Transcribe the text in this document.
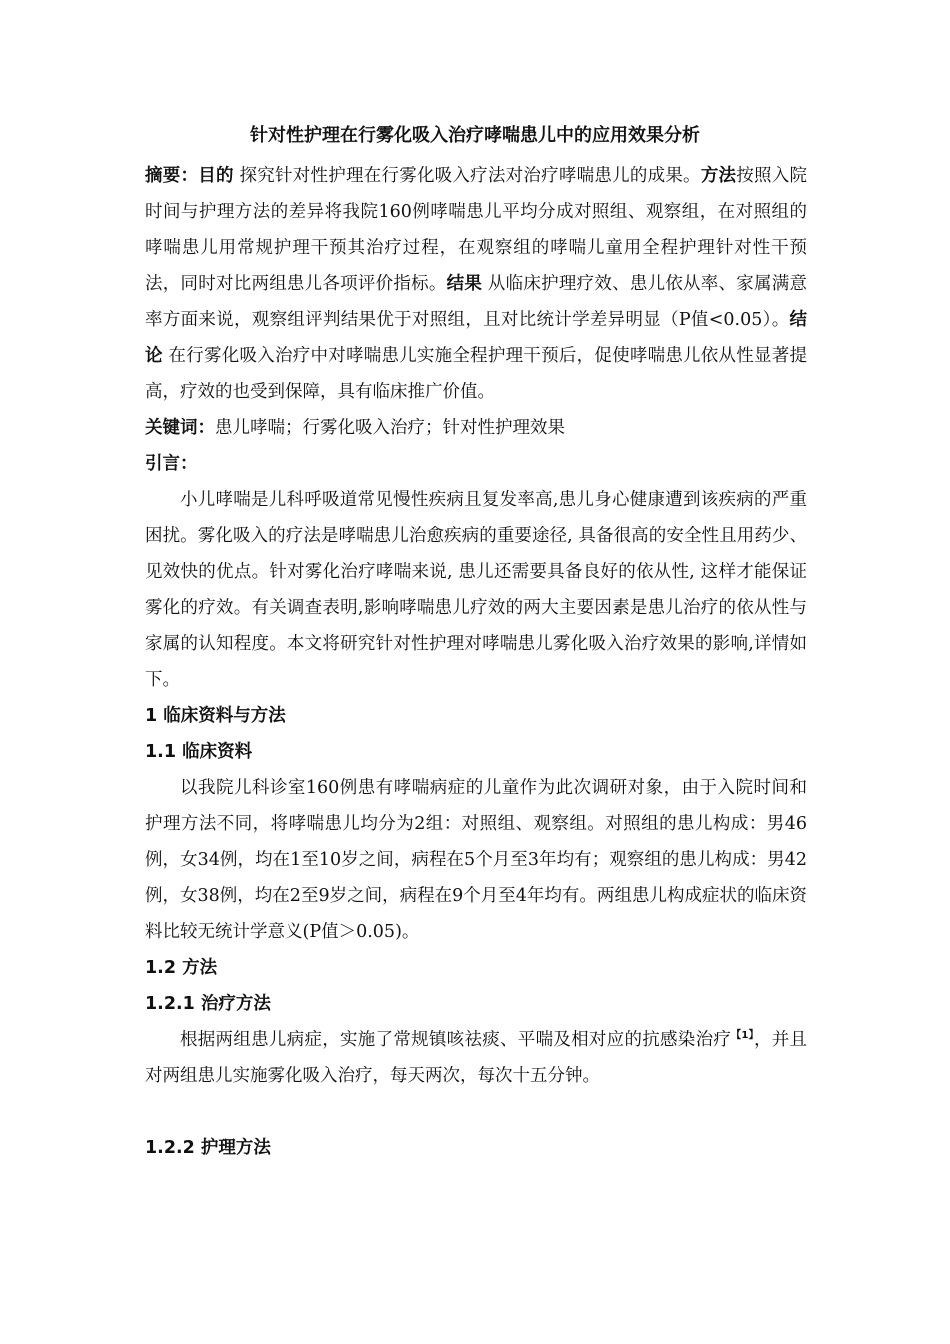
针对性护理在行雾化吸入治疗哮喘患儿中的应用效果分析

摘要：目的 探究针对性护理在行雾化吸入疗法对治疗哮喘患儿的成果。方法按照入院时间与护理方法的差异将我院160例哮喘患儿平均分成对照组、观察组，在对照组的哮喘患儿用常规护理干预其治疗过程，在观察组的哮喘儿童用全程护理针对性干预法，同时对比两组患儿各项评价指标。结果 从临床护理疗效、患儿依从率、家属满意率方面来说，观察组评判结果优于对照组，且对比统计学差异明显（P值<0.05）。结论 在行雾化吸入治疗中对哮喘患儿实施全程护理干预后，促使哮喘患儿依从性显著提高，疗效的也受到保障，具有临床推广价值。

关键词：患儿哮喘；行雾化吸入治疗；针对性护理效果

引言：

小儿哮喘是儿科呼吸道常见慢性疾病且复发率高,患儿身心健康遭到该疾病的严重困扰。雾化吸入的疗法是哮喘患儿治愈疾病的重要途径, 具备很高的安全性且用药少、见效快的优点。针对雾化治疗哮喘来说, 患儿还需要具备良好的依从性, 这样才能保证雾化的疗效。有关调查表明,影响哮喘患儿疗效的两大主要因素是患儿治疗的依从性与家属的认知程度。本文将研究针对性护理对哮喘患儿雾化吸入治疗效果的影响,详情如下。

1 临床资料与方法

1.1 临床资料

以我院儿科诊室160例患有哮喘病症的儿童作为此次调研对象，由于入院时间和护理方法不同，将哮喘患儿均分为2组：对照组、观察组。对照组的患儿构成：男46例，女34例，均在1至10岁之间，病程在5个月至3年均有；观察组的患儿构成：男42例，女38例，均在2至9岁之间，病程在9个月至4年均有。两组患儿构成症状的临床资料比较无统计学意义(P值＞0.05)。

1.2 方法

1.2.1 治疗方法

根据两组患儿病症，实施了常规镇咳祛痰、平喘及相对应的抗感染治疗$^{【1】}$，并且对两组患儿实施雾化吸入治疗，每天两次，每次十五分钟。

1.2.2 护理方法
